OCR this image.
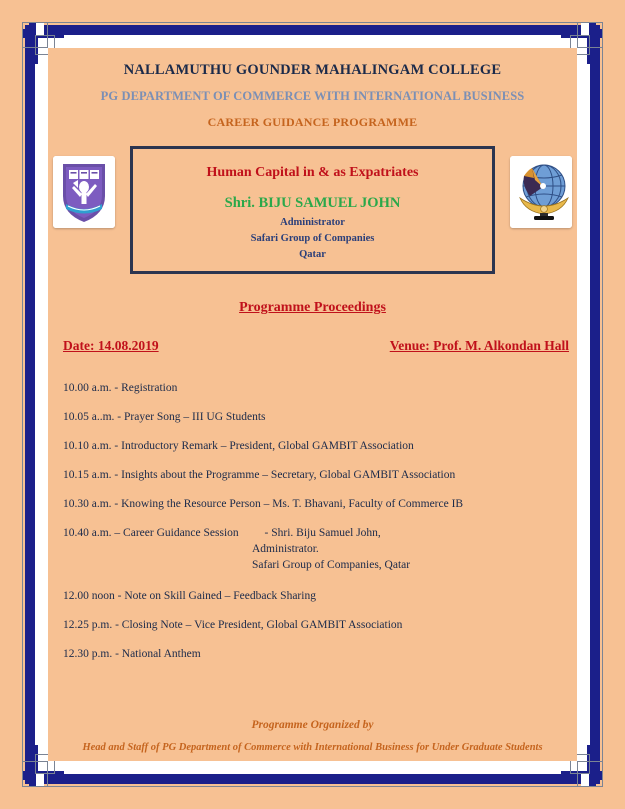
NALLAMUTHU GOUNDER MAHALINGAM COLLEGE
PG DEPARTMENT OF COMMERCE WITH INTERNATIONAL BUSINESS
CAREER GUIDANCE PROGRAMME
Human Capital in & as Expatriates
Shri. BIJU SAMUEL JOHN
Administrator
Safari Group of Companies
Qatar
Programme Proceedings
Date: 14.08.2019	Venue: Prof. M. Alkondan Hall
10.00 a.m. - Registration
10.05 a..m. - Prayer Song – III UG Students
10.10 a.m. - Introductory Remark – President, Global GAMBIT Association
10.15 a.m. - Insights about the Programme – Secretary, Global GAMBIT Association
10.30 a.m. - Knowing the Resource Person – Ms. T. Bhavani, Faculty of Commerce IB
10.40 a.m. – Career Guidance Session         - Shri. Biju Samuel John,
Administrator.
Safari Group of Companies, Qatar
12.00 noon - Note on Skill Gained – Feedback Sharing
12.25 p.m. - Closing Note – Vice President, Global GAMBIT Association
12.30 p.m. - National Anthem
Programme Organized by
Head and Staff of PG Department of Commerce with International Business for Under Graduate Students
